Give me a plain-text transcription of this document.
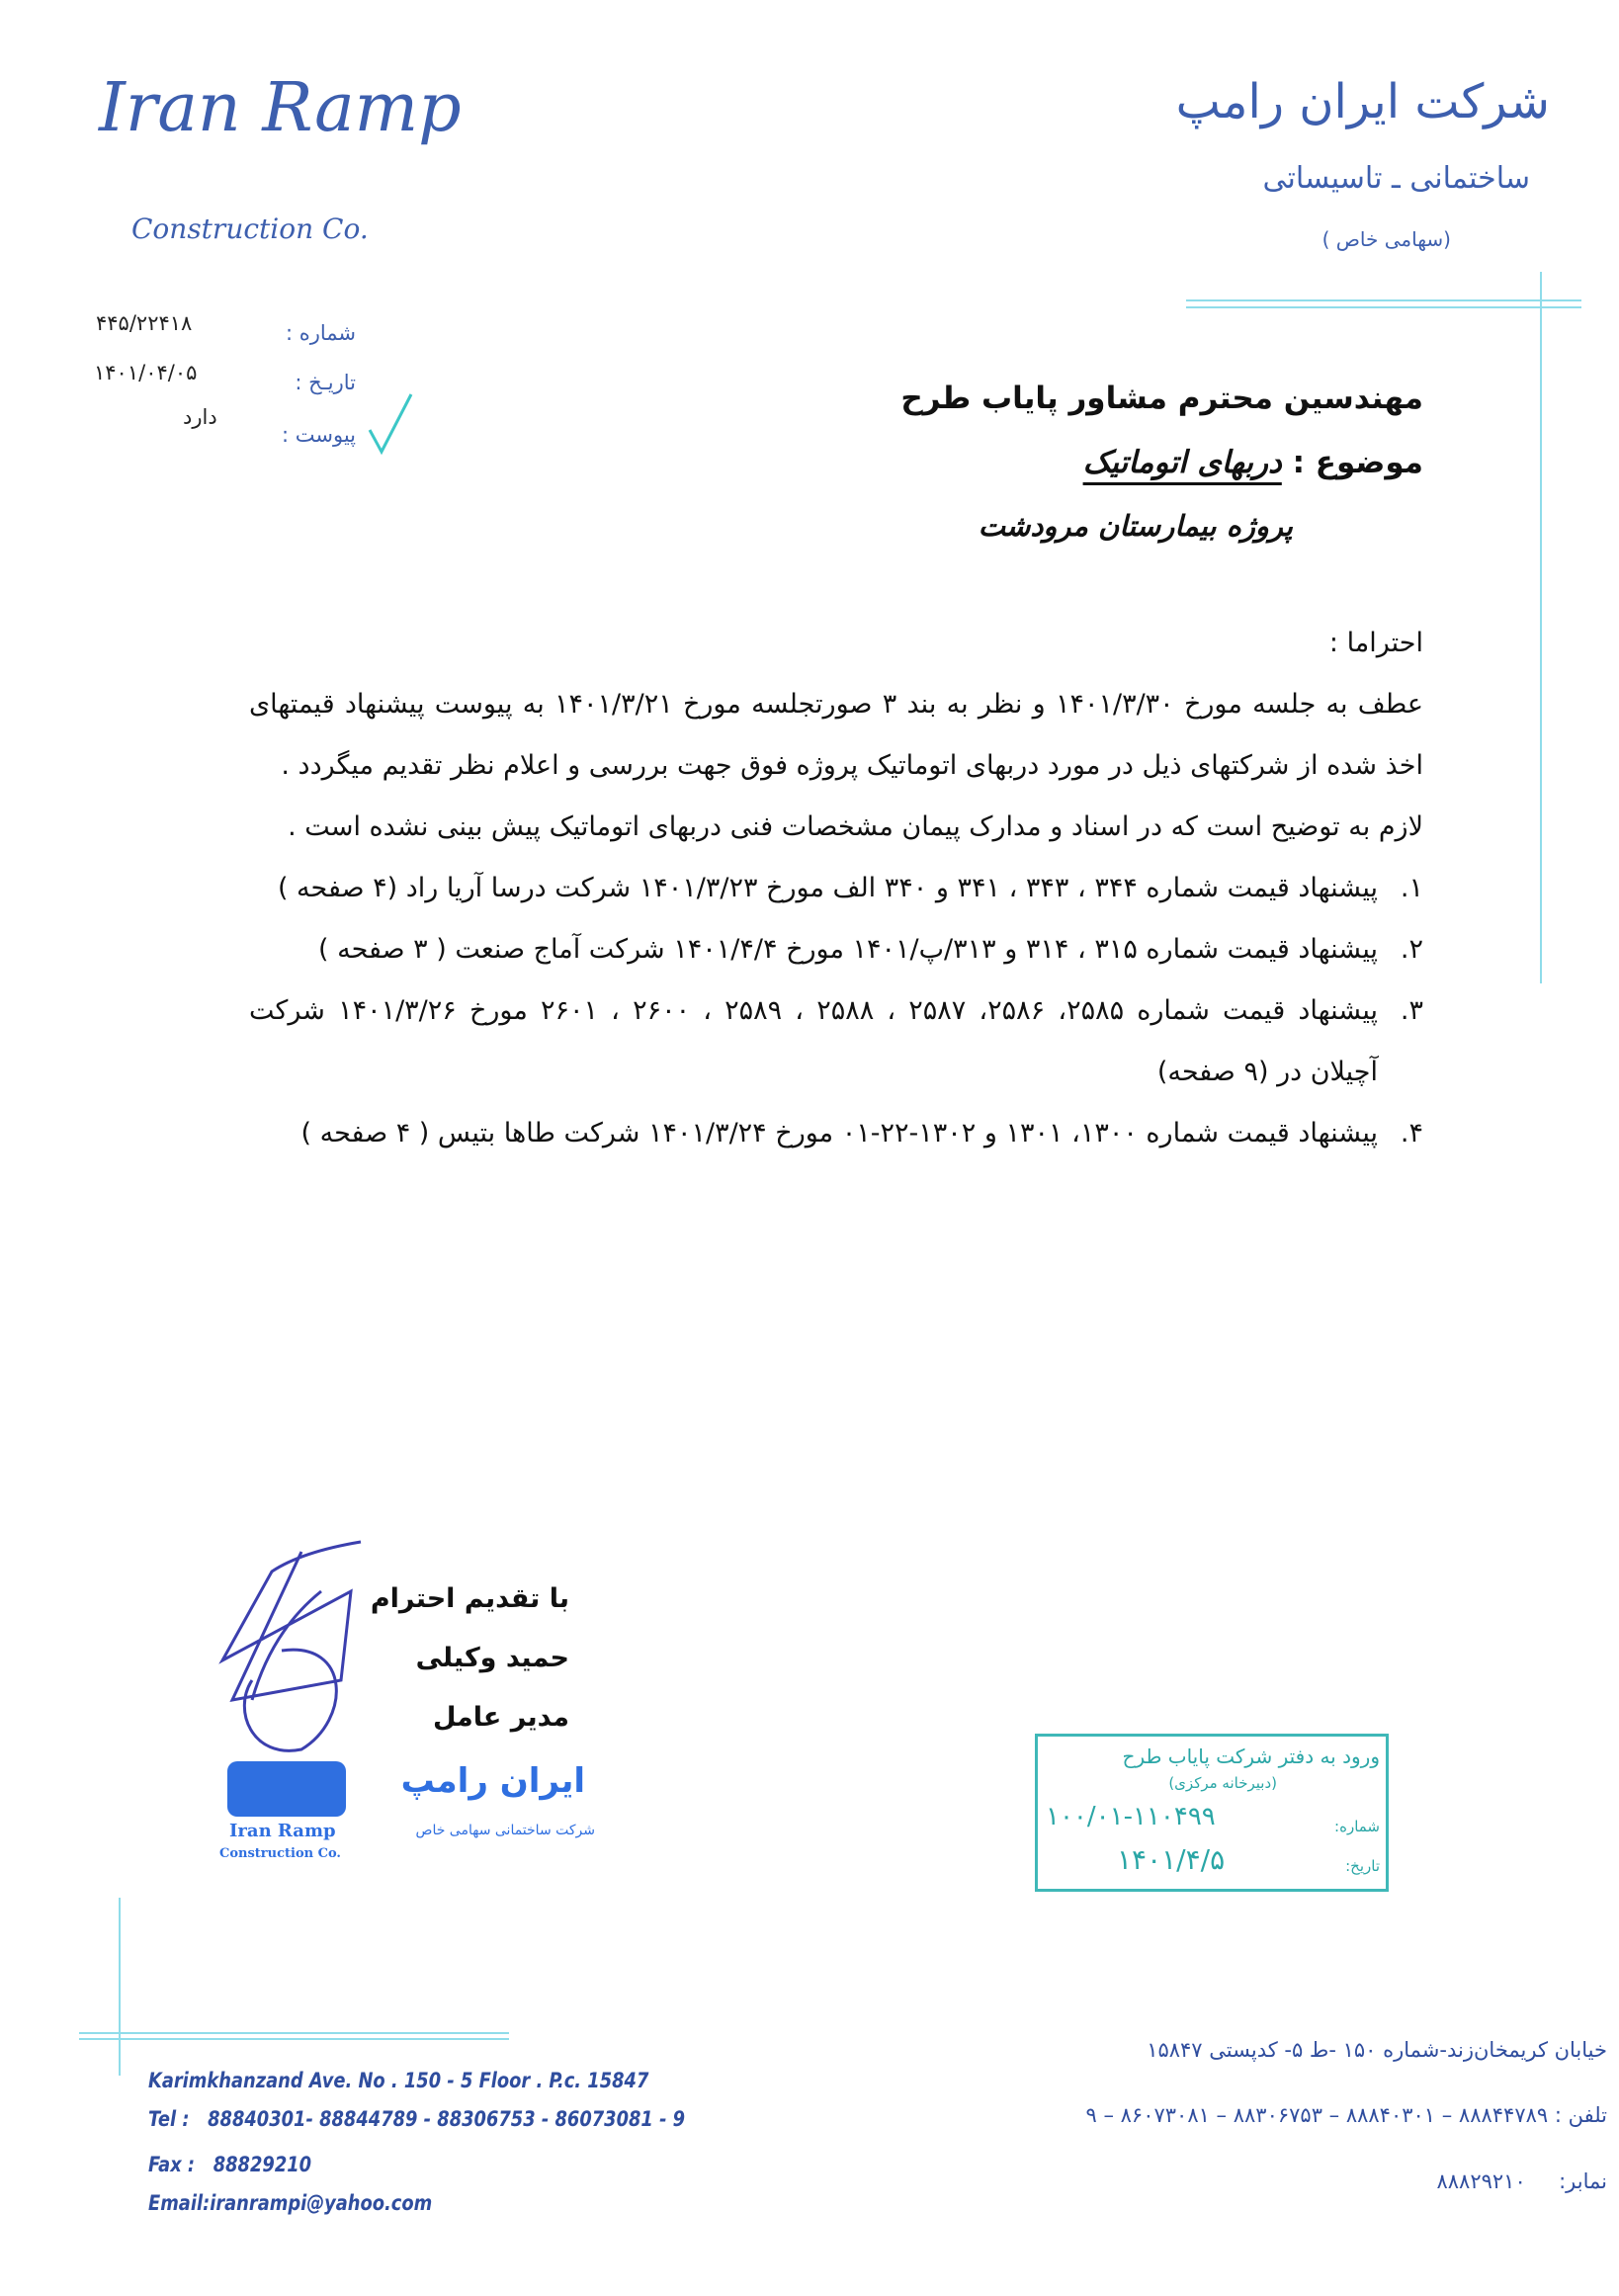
Iran Ramp
Construction Co.
شرکت ایران رامپ
ساختمانی ـ تاسیساتی
(سهامی خاص )
شماره :
۴۴۵/۲۲۴۱۸
تاریـخ :
۱۴۰۱/۰۴/۰۵
پیوست :
دارد
مهندسین محترم مشاور پایاب طرح
موضوع : دربهای اتوماتیک
پروژه بیمارستان مرودشت
احتراما :
عطف به جلسه مورخ ۱۴۰۱/۳/۳۰ و نظر به بند ۳ صورتجلسه مورخ ۱۴۰۱/۳/۲۱ به پیوست پیشنهاد قیمتهای اخذ شده از شرکتهای ذیل در مورد دربهای اتوماتیک پروژه فوق جهت بررسی و اعلام نظر تقدیم میگردد .
لازم به توضیح است که در اسناد و مدارک پیمان مشخصات فنی دربهای اتوماتیک پیش بینی نشده است .
۱.
پیشنهاد قیمت شماره ۳۴۴ ، ۳۴۳ ، ۳۴۱ و ۳۴۰ الف مورخ ۱۴۰۱/۳/۲۳ شرکت درسا آریا راد (۴ صفحه )
۲.
پیشنهاد قیمت شماره ۳۱۵ ، ۳۱۴ و ۳۱۳/پ/۱۴۰۱ مورخ ۱۴۰۱/۴/۴ شرکت آماج صنعت ( ۳ صفحه )
۳.
پیشنهاد قیمت شماره ۲۵۸۵، ۲۵۸۶، ۲۵۸۷ ، ۲۵۸۸ ، ۲۵۸۹ ، ۲۶۰۰ ، ۲۶۰۱ مورخ ۱۴۰۱/۳/۲۶ شرکت آچیلان در (۹ صفحه)
۴.
پیشنهاد قیمت شماره ۱۳۰۰، ۱۳۰۱ و ۱۳۰۲-۲۲-۰۱ مورخ ۱۴۰۱/۳/۲۴ شرکت طاها بتیس ( ۴ صفحه )
با تقدیم احترام
حمید وکیلی
مدیر عامل
ایران رامپ
Iran Ramp
Construction Co.
شرکت ساختمانی سهامی خاص
ورود به دفتر شرکت پایاب طرح
(دبیرخانه مرکزی)
شماره:
۱۰۰/۰۱-۱۱۰۴۹۹
تاریخ:
۱۴۰۱/۴/۵
Karimkhanzand Ave. No . 150 - 5 Floor . P.c. 15847
Tel : 88840301- 88844789 - 88306753 - 86073081 - 9
Fax : 88829210
Email:iranrampi@yahoo.com
خیابان کریمخان‌زند-شماره ۱۵۰ -ط ۵- کدپستی ۱۵۸۴۷
تلفن : ۸۸۸۴۴۷۸۹ – ۸۸۸۴۰۳۰۱ – ۸۸۳۰۶۷۵۳ – ۸۶۰۷۳۰۸۱ – ۹
نمابر:     ۸۸۸۲۹۲۱۰
